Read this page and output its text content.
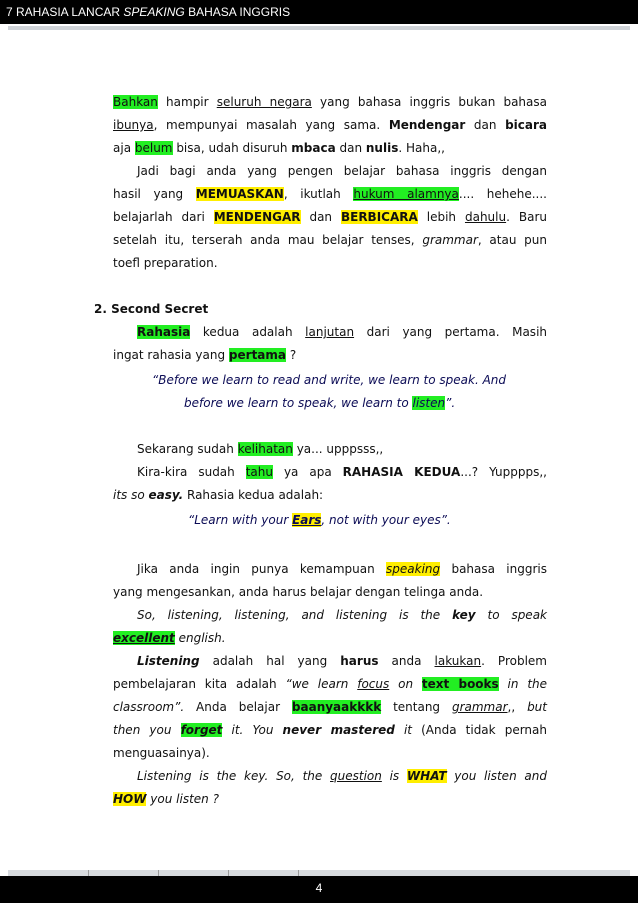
7 RAHASIA LANCAR SPEAKING BAHASA INGGRIS
Bahkan hampir seluruh negara yang bahasa inggris bukan bahasa
ibunya, mempunyai masalah yang sama. Mendengar dan bicara
aja belum bisa, udah disuruh mbaca dan nulis. Haha,,
Jadi bagi anda yang pengen belajar bahasa inggris dengan
hasil yang MEMUASKAN, ikutlah hukum alamnya.... hehehe....
belajarlah dari MENDENGAR dan BERBICARA lebih dahulu. Baru
setelah itu, terserah anda mau belajar tenses, grammar, atau pun
toefl preparation.
2. Second Secret
Rahasia kedua adalah lanjutan dari yang pertama. Masih
ingat rahasia yang pertama ?
“Before we learn to read and write, we learn to speak. And
before we learn to speak, we learn to listen”.
Sekarang sudah kelihatan ya... upppsss,,
Kira-kira sudah tahu ya apa RAHASIA KEDUA...? Yupppps,,
its so easy. Rahasia kedua adalah:
“Learn with your Ears, not with your eyes”.
Jika anda ingin punya kemampuan speaking bahasa inggris
yang mengesankan, anda harus belajar dengan telinga anda.
So, listening, listening, and listening is the key to speak
excellent english.
Listening adalah hal yang harus anda lakukan. Problem
pembelajaran kita adalah “we learn focus on text books in the
classroom”. Anda belajar baanyaakkkk tentang grammar,, but
then you forget it. You never mastered it (Anda tidak pernah
menguasainya).
Listening is the key. So, the question is WHAT you listen and
HOW you listen ?
4
